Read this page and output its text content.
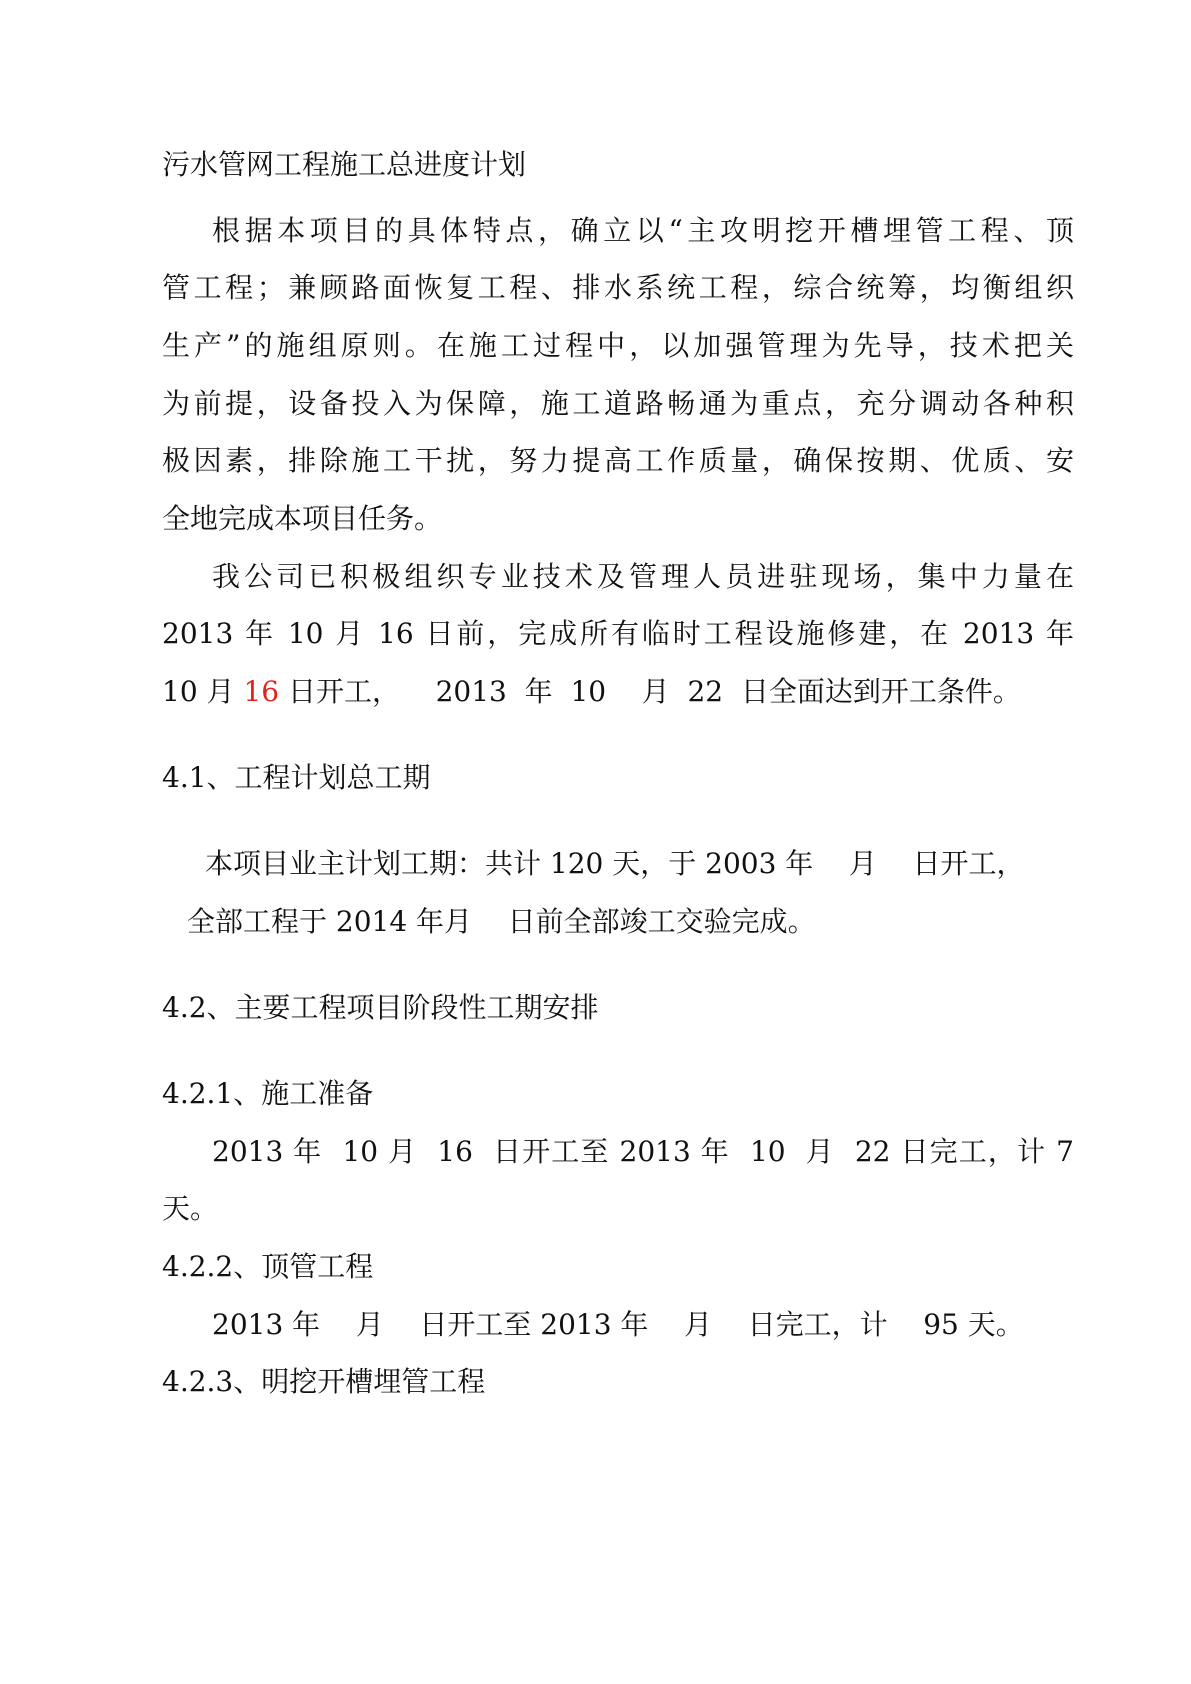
污水管网工程施工总进度计划
根据本项目的具体特点，确立以“主攻明挖开槽埋管工程、顶
管工程；兼顾路面恢复工程、排水系统工程，综合统筹，均衡组织
生产”的施组原则。在施工过程中，以加强管理为先导，技术把关
为前提，设备投入为保障，施工道路畅通为重点，充分调动各种积
极因素，排除施工干扰，努力提高工作质量，确保按期、优质、安
全地完成本项目任务。
我公司已积极组织专业技术及管理人员进驻现场，集中力量在
2013 年 10 月 16 日前，完成所有临时工程设施修建，在 2013 年
10 月 16 日开工，    2013  年  10    月  22  日全面达到开工条件。
4.1、工程计划总工期
本项目业主计划工期：共计 120 天，于 2003 年    月    日开工，
全部工程于 2014 年月    日前全部竣工交验完成。
4.2、主要工程项目阶段性工期安排
4.2.1、施工准备
2013 年  10 月  16  日开工至 2013 年  10  月  22 日完工，计 7
天。
4.2.2、顶管工程
2013 年    月    日开工至 2013 年    月    日完工，计    95 天。
4.2.3、明挖开槽埋管工程
